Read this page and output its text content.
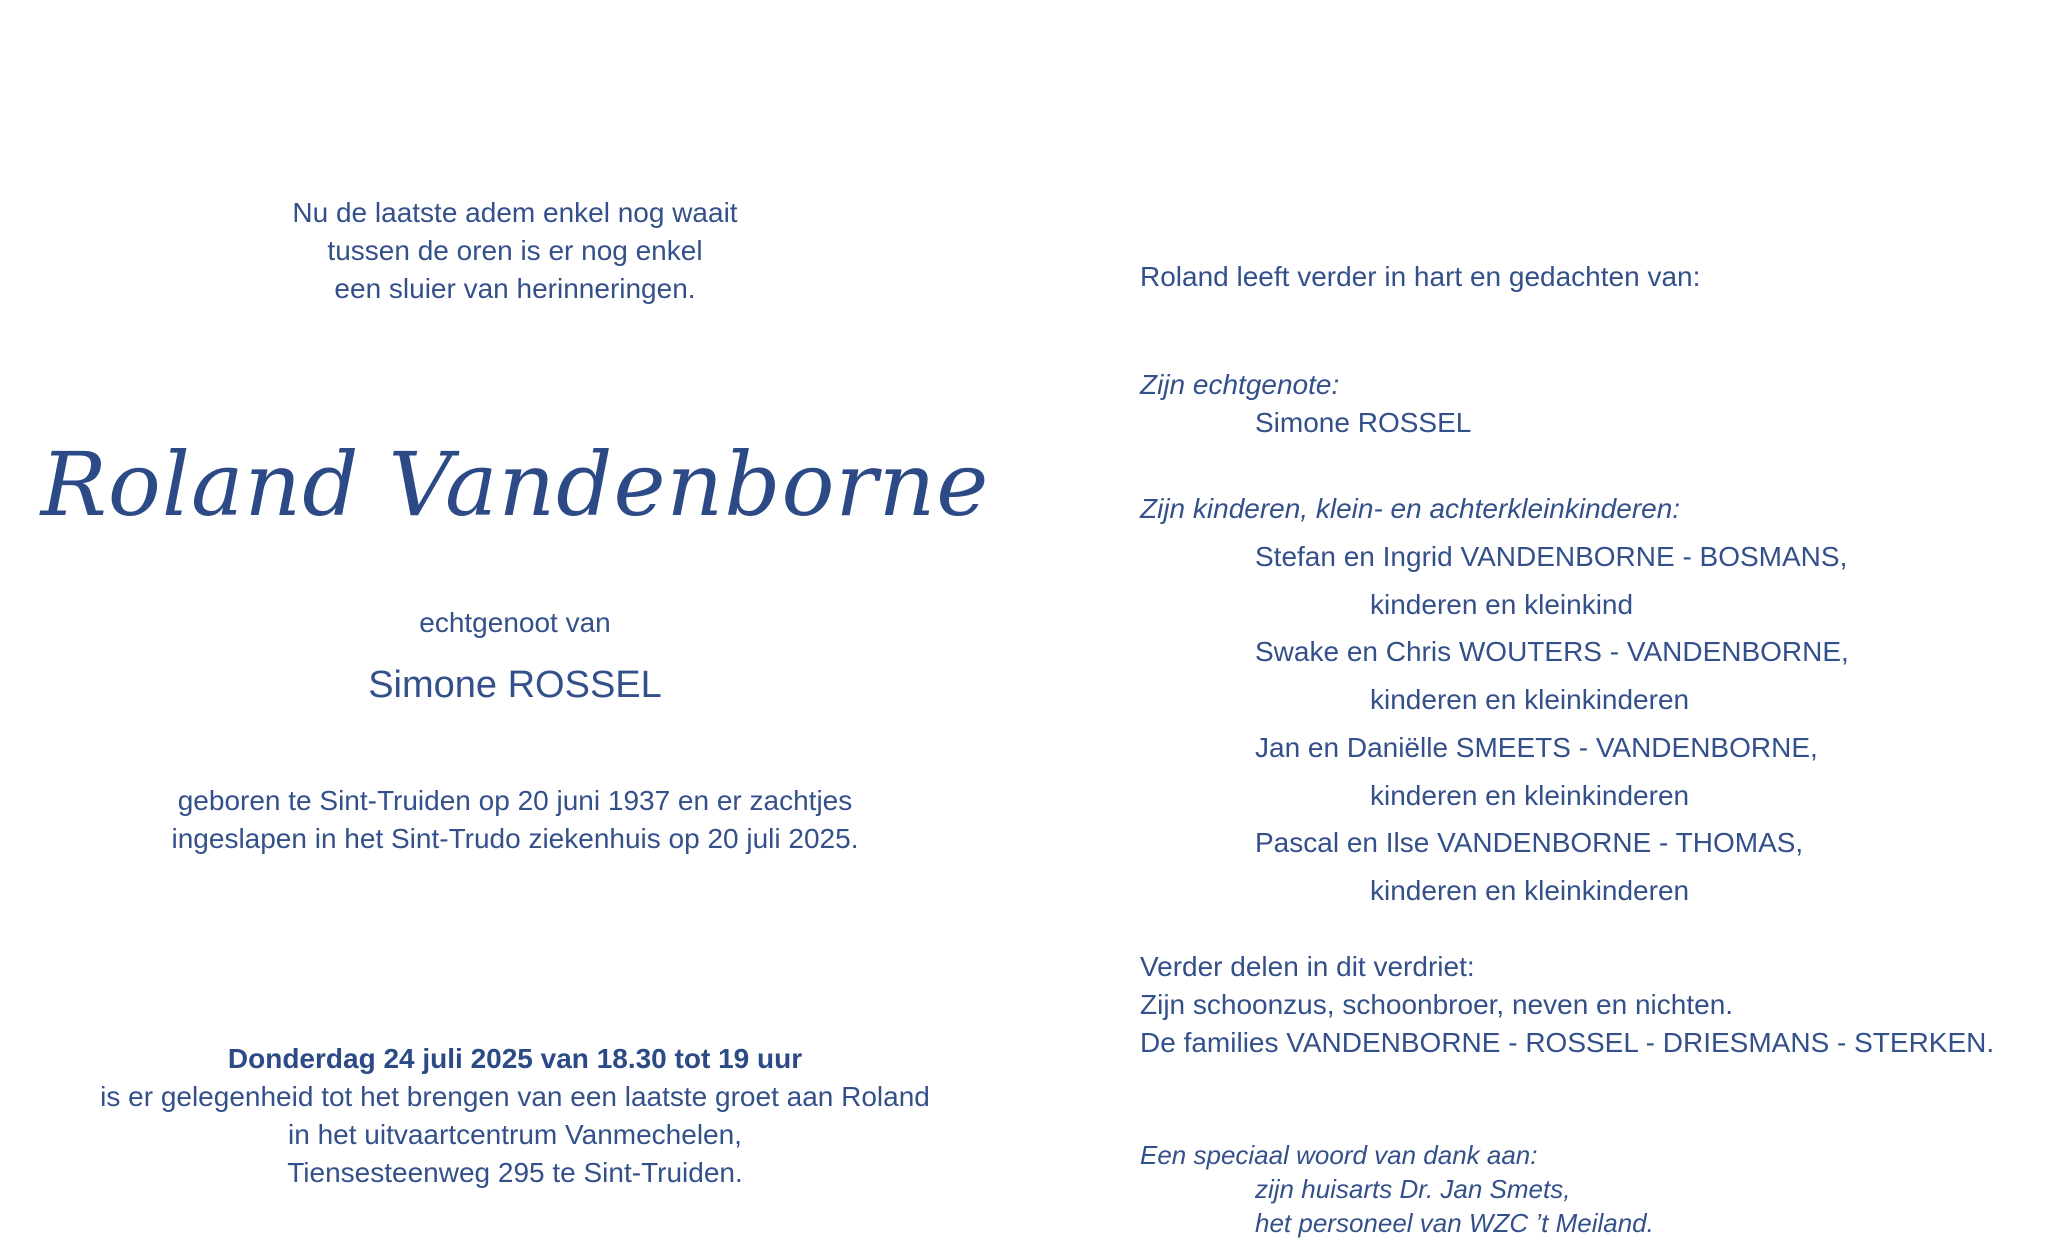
Nu de laatste adem enkel nog waait
tussen de oren is er nog enkel
een sluier van herinneringen.
Roland Vandenborne
echtgenoot van
Simone ROSSEL
geboren te Sint-Truiden op 20 juni 1937 en er zachtjes
ingeslapen in het Sint-Trudo ziekenhuis op 20 juli 2025.
Donderdag 24 juli 2025 van 18.30 tot 19 uur
is er gelegenheid tot het brengen van een laatste groet aan Roland
in het uitvaartcentrum Vanmechelen,
Tiensesteenweg 295 te Sint-Truiden.
Roland leeft verder in hart en gedachten van:
Zijn echtgenote:
Simone ROSSEL
Zijn kinderen, klein- en achterkleinkinderen:
Stefan en Ingrid VANDENBORNE - BOSMANS,
kinderen en kleinkind
Swake en Chris WOUTERS - VANDENBORNE,
kinderen en kleinkinderen
Jan en Daniëlle SMEETS - VANDENBORNE,
kinderen en kleinkinderen
Pascal en Ilse VANDENBORNE - THOMAS,
kinderen en kleinkinderen
Verder delen in dit verdriet:
Zijn schoonzus, schoonbroer, neven en nichten.
De families VANDENBORNE - ROSSEL - DRIESMANS - STERKEN.
Een speciaal woord van dank aan:
zijn huisarts Dr. Jan Smets,
het personeel van WZC ’t Meiland.
